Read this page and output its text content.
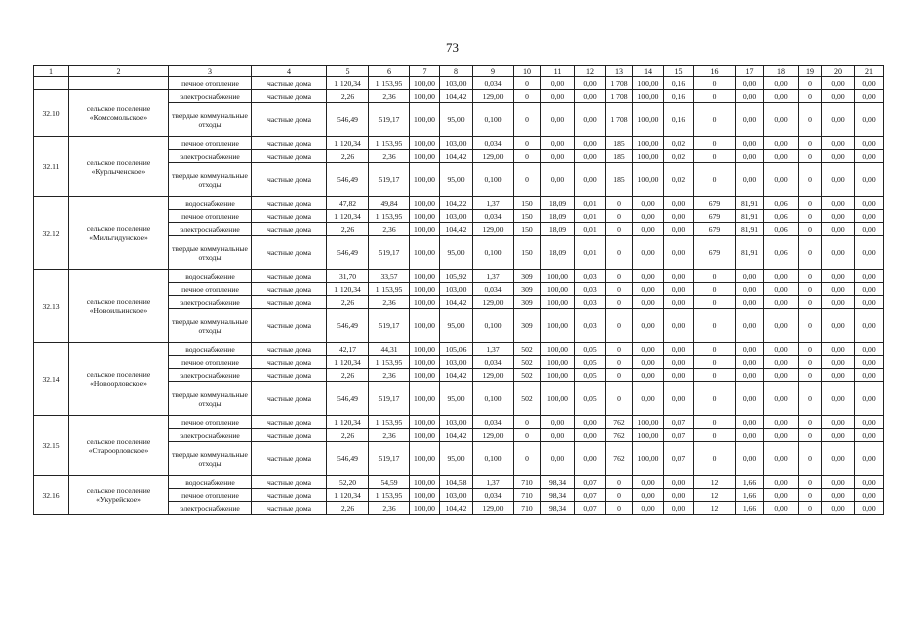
73
1	2	3	4	5	6	7	8	9	10	11	12	13	14	15	16	17	18	19	20	21
		печное отопление	частные дома	1 120,34	1 153,95	100,00	103,00	0,034	0	0,00	0,00	1 708	100,00	0,16	0	0,00	0,00	0	0,00	0,00
32.10	сельское поселение «Комсомольское»	электроснабжение	частные дома	2,26	2,36	100,00	104,42	129,00	0	0,00	0,00	1 708	100,00	0,16	0	0,00	0,00	0	0,00	0,00
		твердые коммунальные отходы	частные дома	546,49	519,17	100,00	95,00	0,100	0	0,00	0,00	1 708	100,00	0,16	0	0,00	0,00	0	0,00	0,00
32.11	сельское поселение «Курлыченское»	печное отопление	частные дома	1 120,34	1 153,95	100,00	103,00	0,034	0	0,00	0,00	185	100,00	0,02	0	0,00	0,00	0	0,00	0,00
		электроснабжение	частные дома	2,26	2,36	100,00	104,42	129,00	0	0,00	0,00	185	100,00	0,02	0	0,00	0,00	0	0,00	0,00
		твердые коммунальные отходы	частные дома	546,49	519,17	100,00	95,00	0,100	0	0,00	0,00	185	100,00	0,02	0	0,00	0,00	0	0,00	0,00
32.12	сельское поселение «Мильгидунское»	водоснабжение	частные дома	47,82	49,84	100,00	104,22	1,37	150	18,09	0,01	0	0,00	0,00	679	81,91	0,06	0	0,00	0,00
		печное отопление	частные дома	1 120,34	1 153,95	100,00	103,00	0,034	150	18,09	0,01	0	0,00	0,00	679	81,91	0,06	0	0,00	0,00
		электроснабжение	частные дома	2,26	2,36	100,00	104,42	129,00	150	18,09	0,01	0	0,00	0,00	679	81,91	0,06	0	0,00	0,00
		твердые коммунальные отходы	частные дома	546,49	519,17	100,00	95,00	0,100	150	18,09	0,01	0	0,00	0,00	679	81,91	0,06	0	0,00	0,00
32.13	сельское поселение «Новоильинское»	водоснабжение	частные дома	31,70	33,57	100,00	105,92	1,37	309	100,00	0,03	0	0,00	0,00	0	0,00	0,00	0	0,00	0,00
		печное отопление	частные дома	1 120,34	1 153,95	100,00	103,00	0,034	309	100,00	0,03	0	0,00	0,00	0	0,00	0,00	0	0,00	0,00
		электроснабжение	частные дома	2,26	2,36	100,00	104,42	129,00	309	100,00	0,03	0	0,00	0,00	0	0,00	0,00	0	0,00	0,00
		твердые коммунальные отходы	частные дома	546,49	519,17	100,00	95,00	0,100	309	100,00	0,03	0	0,00	0,00	0	0,00	0,00	0	0,00	0,00
32.14	сельское поселение «Новоорловское»	водоснабжение	частные дома	42,17	44,31	100,00	105,06	1,37	502	100,00	0,05	0	0,00	0,00	0	0,00	0,00	0	0,00	0,00
		печное отопление	частные дома	1 120,34	1 153,95	100,00	103,00	0,034	502	100,00	0,05	0	0,00	0,00	0	0,00	0,00	0	0,00	0,00
		электроснабжение	частные дома	2,26	2,36	100,00	104,42	129,00	502	100,00	0,05	0	0,00	0,00	0	0,00	0,00	0	0,00	0,00
		твердые коммунальные отходы	частные дома	546,49	519,17	100,00	95,00	0,100	502	100,00	0,05	0	0,00	0,00	0	0,00	0,00	0	0,00	0,00
32.15	сельское поселение «Староорловское»	печное отопление	частные дома	1 120,34	1 153,95	100,00	103,00	0,034	0	0,00	0,00	762	100,00	0,07	0	0,00	0,00	0	0,00	0,00
		электроснабжение	частные дома	2,26	2,36	100,00	104,42	129,00	0	0,00	0,00	762	100,00	0,07	0	0,00	0,00	0	0,00	0,00
		твердые коммунальные отходы	частные дома	546,49	519,17	100,00	95,00	0,100	0	0,00	0,00	762	100,00	0,07	0	0,00	0,00	0	0,00	0,00
32.16	сельское поселение «Укурейское»	водоснабжение	частные дома	52,20	54,59	100,00	104,58	1,37	710	98,34	0,07	0	0,00	0,00	12	1,66	0,00	0	0,00	0,00
		печное отопление	частные дома	1 120,34	1 153,95	100,00	103,00	0,034	710	98,34	0,07	0	0,00	0,00	12	1,66	0,00	0	0,00	0,00
		электроснабжение	частные дома	2,26	2,36	100,00	104,42	129,00	710	98,34	0,07	0	0,00	0,00	12	1,66	0,00	0	0,00	0,00
